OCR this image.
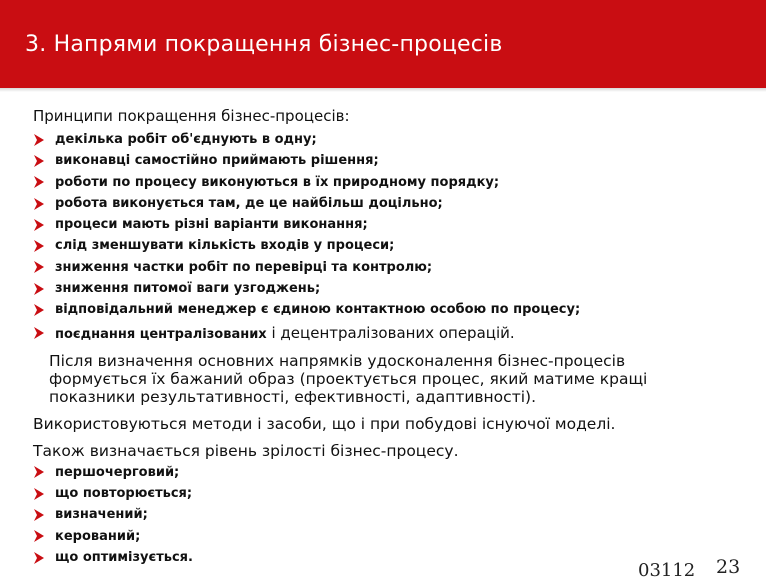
3. Напрями покращення бізнес-процесів

Принципи покращення бізнес-процесів:

декілька робіт об'єднують в одну;
виконавці самостійно приймають рішення;
роботи по процесу виконуються в їх природному порядку;
робота виконується там, де це найбільш доцільно;
процеси мають різні варіанти виконання;
слід зменшувати кількість входів у процеси;
зниження частки робіт по перевірці та контролю;
зниження питомої ваги узгоджень;
відповідальний менеджер є єдиною контактною особою по процесу;
поєднання централізованих і децентралізованих операцій.

Після визначення основних напрямків удосконалення бізнес-процесів

формується їх бажаний образ (проектується процес, який матиме кращі

показники результативності, ефективності, адаптивності).

Використовуються методи і засоби, що і при побудові існуючої моделі.

Також визначається рівень зрілості бізнес-процесу.

першочерговий;
що повторюється;
визначений;
керований;
що оптимізується.
03112 23
